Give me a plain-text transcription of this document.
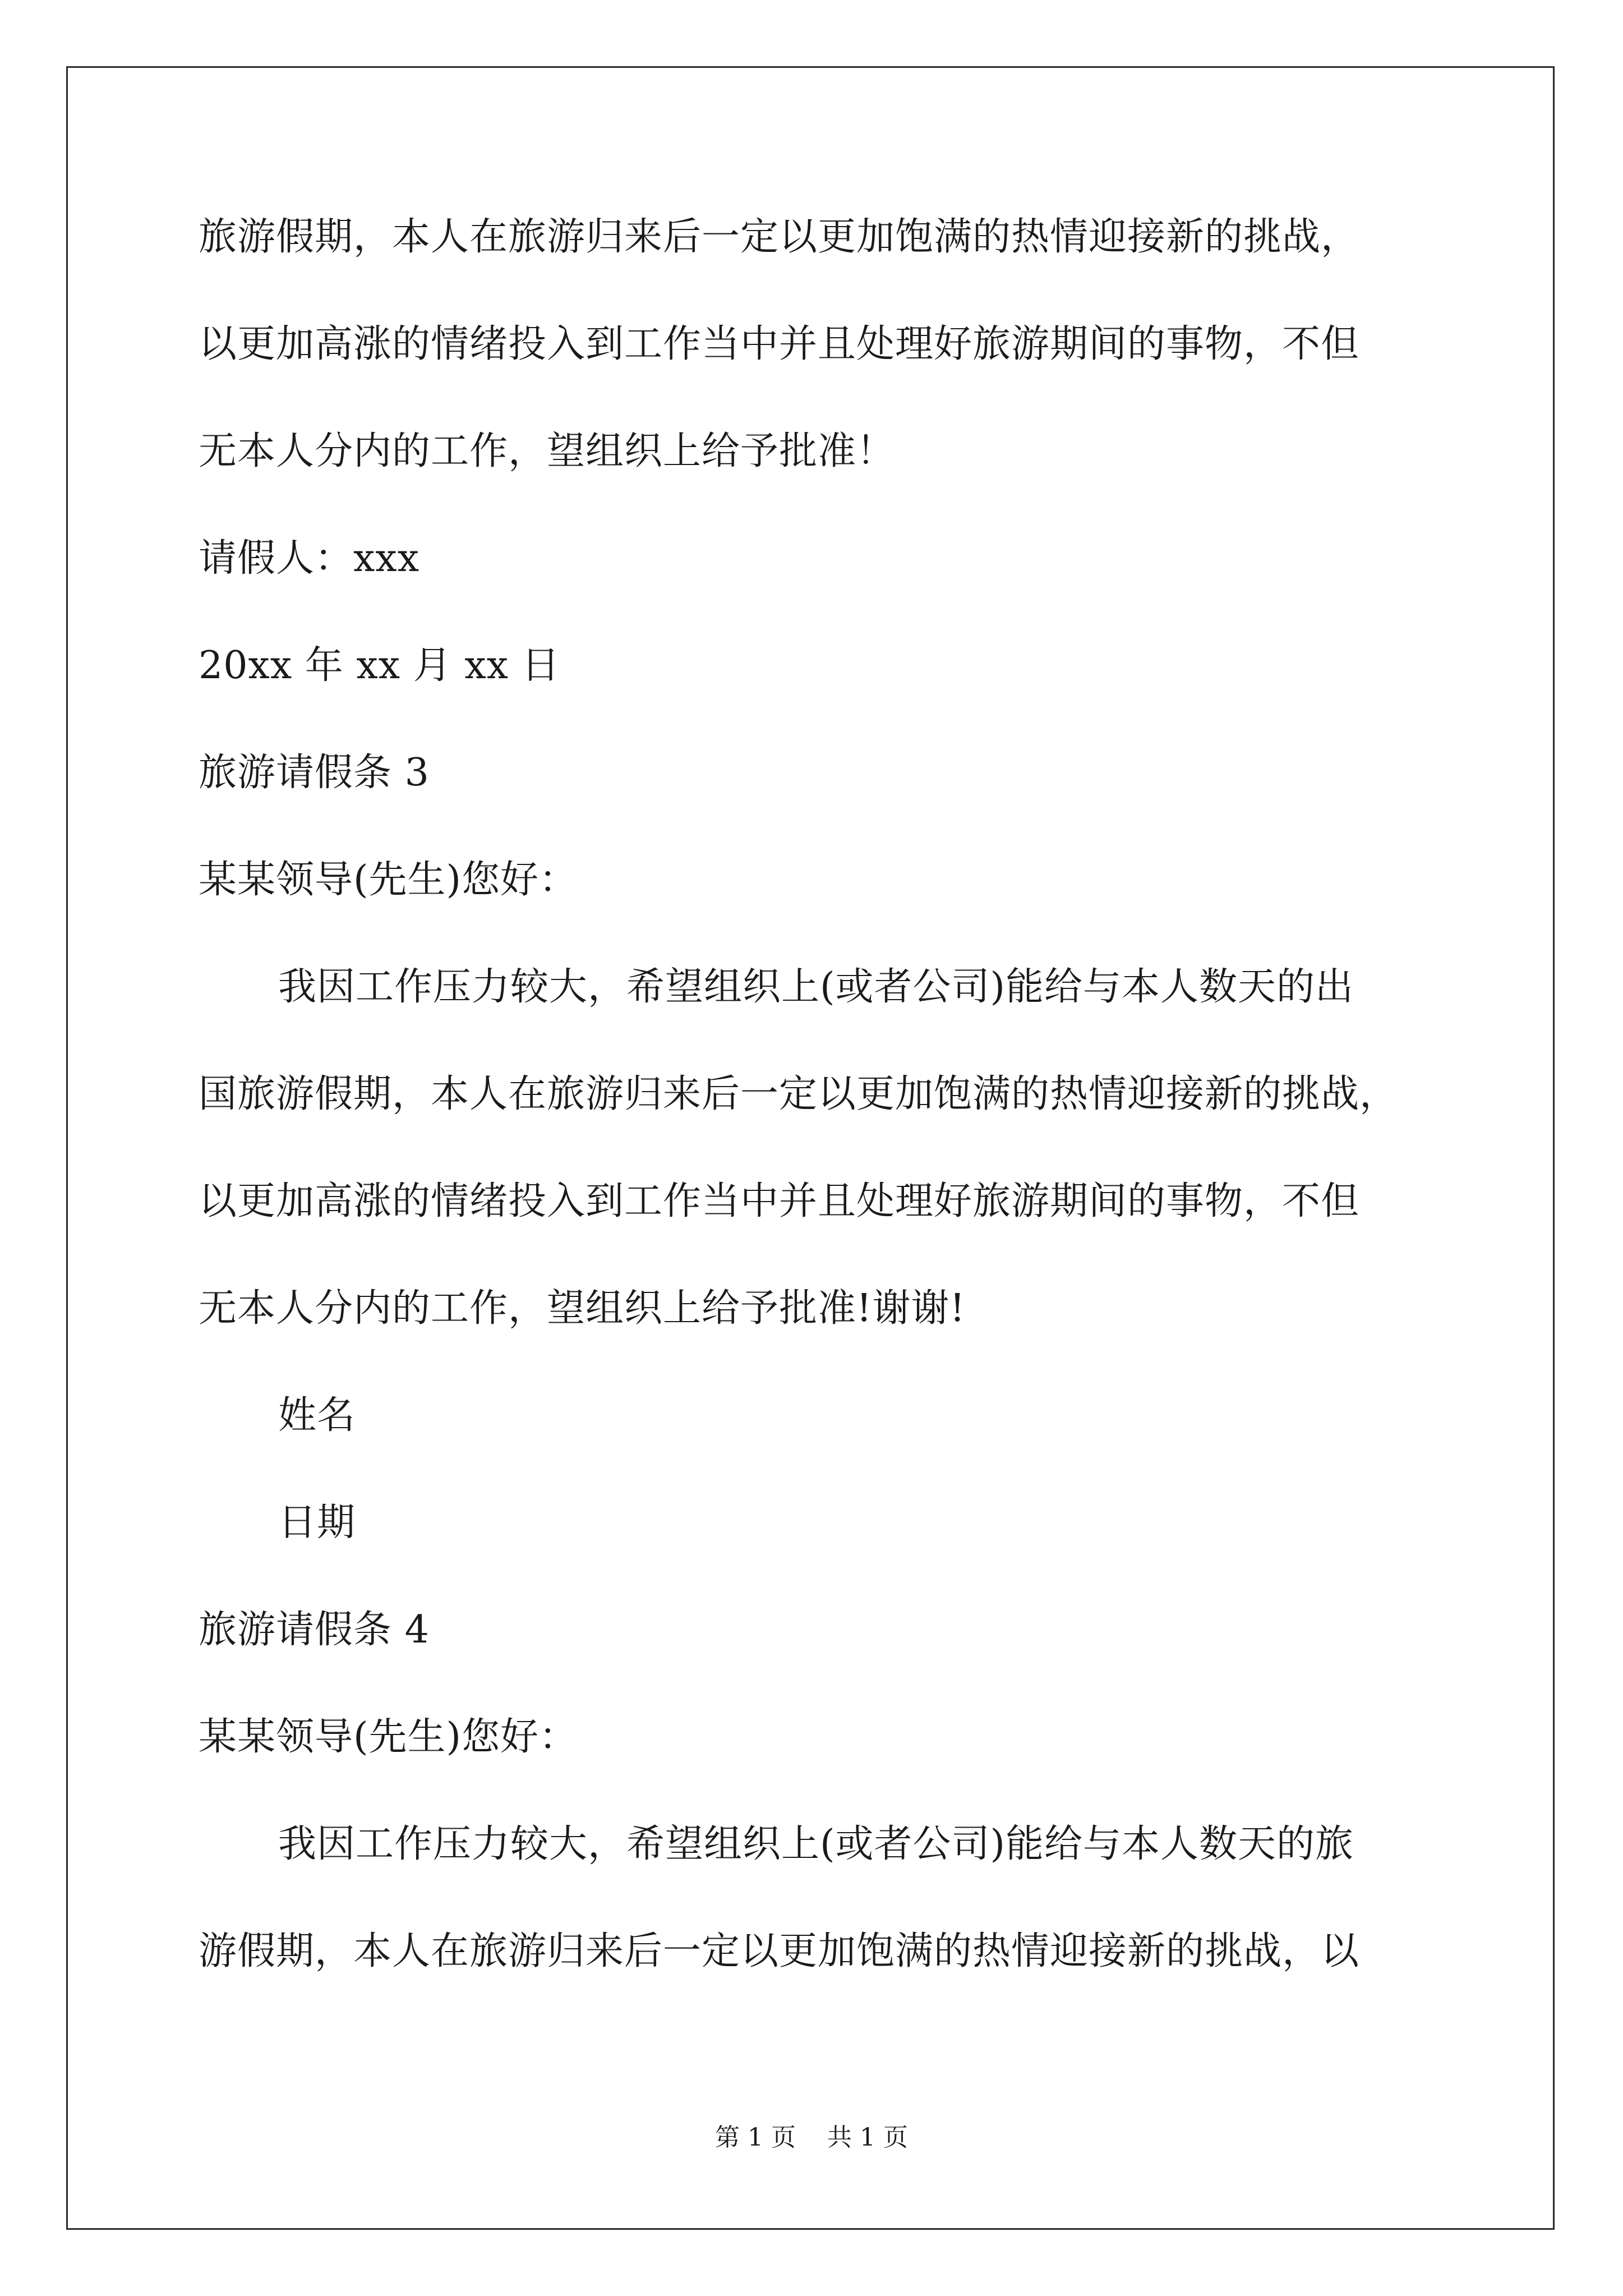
旅游假期，本人在旅游归来后一定以更加饱满的热情迎接新的挑战，
以更加高涨的情绪投入到工作当中并且处理好旅游期间的事物，不但
无本人分内的工作，望组织上给予批准！
请假人：xxx
20xx 年 xx 月 xx 日
旅游请假条 3
某某领导(先生)您好：
我因工作压力较大，希望组织上(或者公司)能给与本人数天的出
国旅游假期，本人在旅游归来后一定以更加饱满的热情迎接新的挑战，
以更加高涨的情绪投入到工作当中并且处理好旅游期间的事物，不但
无本人分内的工作，望组织上给予批准!谢谢!
姓名
日期
旅游请假条 4
某某领导(先生)您好：
我因工作压力较大，希望组织上(或者公司)能给与本人数天的旅
游假期，本人在旅游归来后一定以更加饱满的热情迎接新的挑战，以
第 1 页    共 1 页
